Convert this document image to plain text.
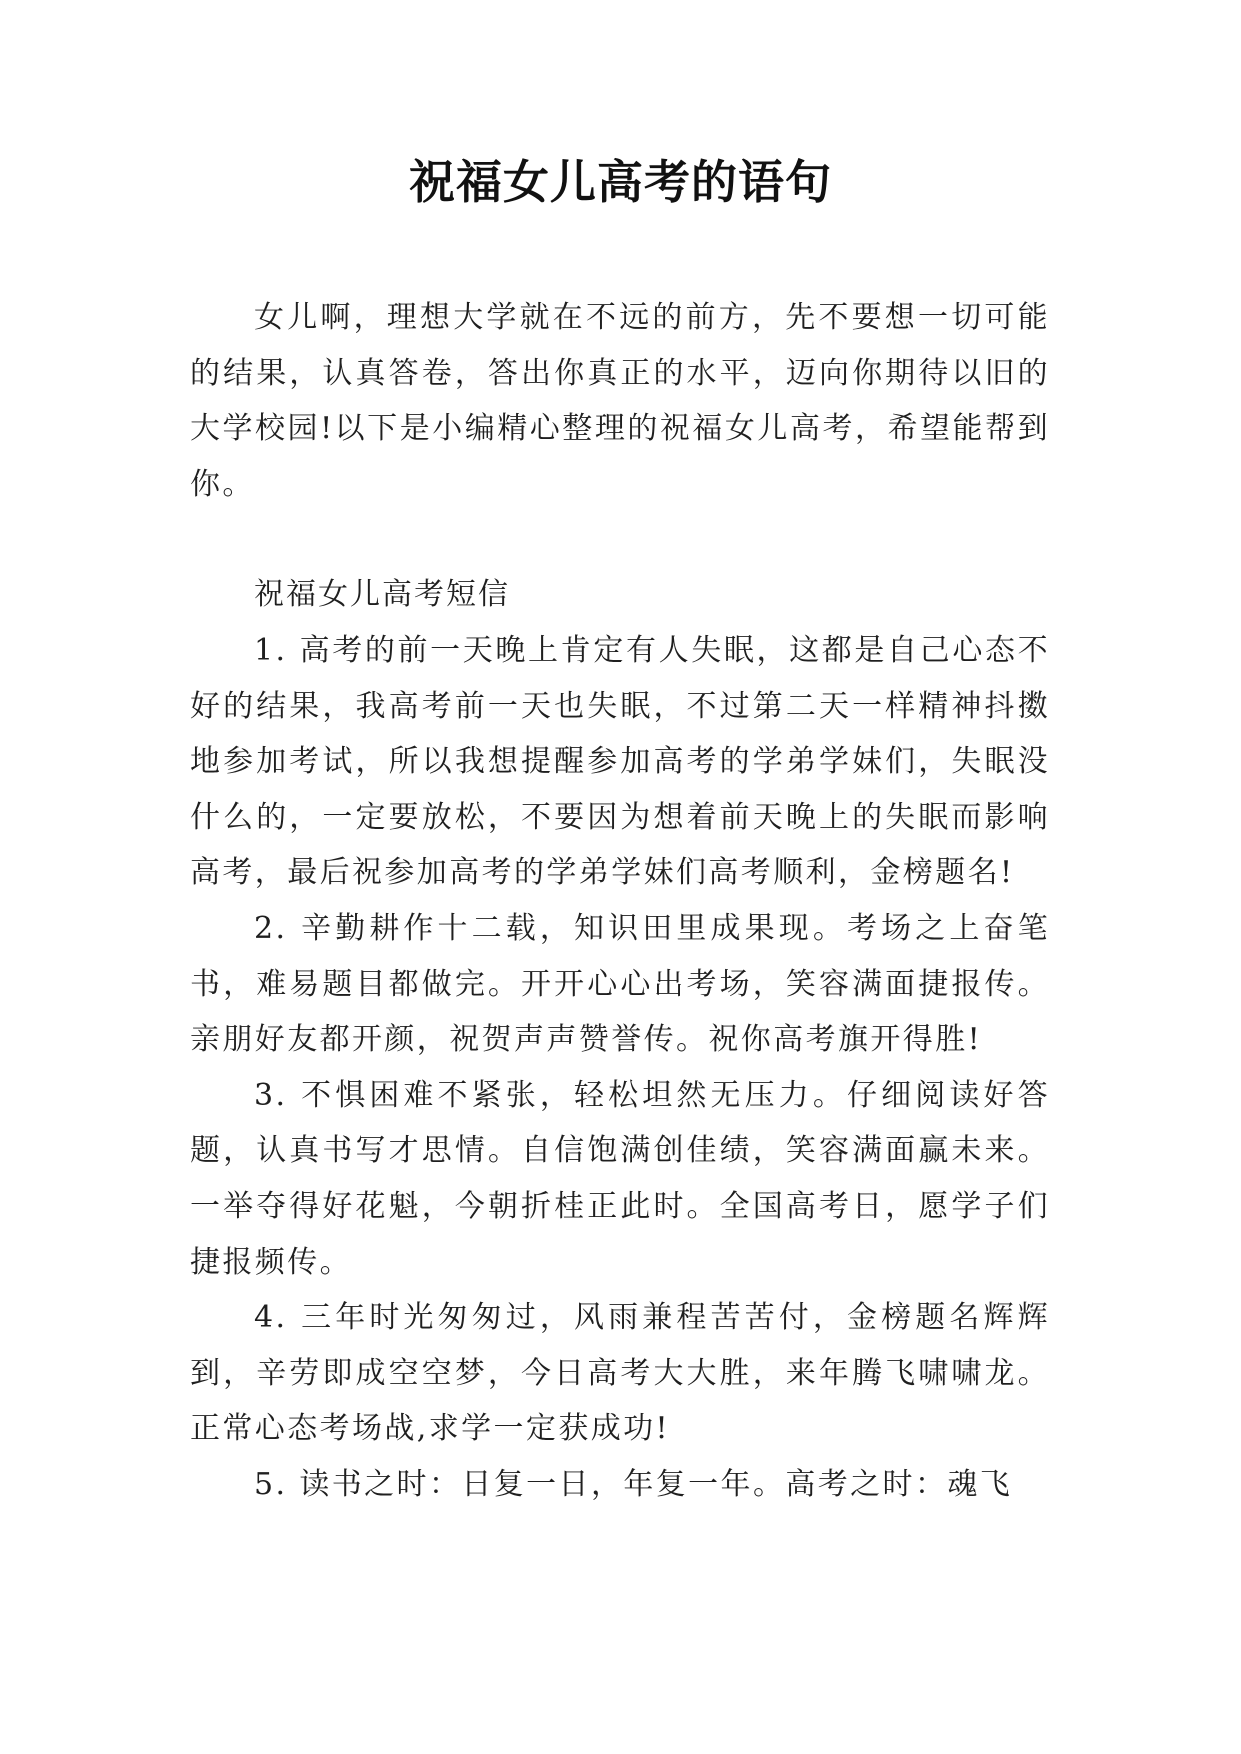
祝福女儿高考的语句

女儿啊，理想大学就在不远的前方，先不要想一切可能的结果，认真答卷，答出你真正的水平，迈向你期待以旧的大学校园!以下是小编精心整理的祝福女儿高考，希望能帮到你。

祝福女儿高考短信

1. 高考的前一天晚上肯定有人失眠，这都是自己心态不好的结果，我高考前一天也失眠，不过第二天一样精神抖擞地参加考试，所以我想提醒参加高考的学弟学妹们，失眠没什么的，一定要放松，不要因为想着前天晚上的失眠而影响高考，最后祝参加高考的学弟学妹们高考顺利，金榜题名!

2. 辛勤耕作十二载，知识田里成果现。考场之上奋笔书，难易题目都做完。开开心心出考场，笑容满面捷报传。亲朋好友都开颜，祝贺声声赞誉传。祝你高考旗开得胜!

3. 不惧困难不紧张，轻松坦然无压力。仔细阅读好答题，认真书写才思情。自信饱满创佳绩，笑容满面赢未来。一举夺得好花魁，今朝折桂正此时。全国高考日，愿学子们捷报频传。

4. 三年时光匆匆过，风雨兼程苦苦付，金榜题名辉辉到，辛劳即成空空梦，今日高考大大胜，来年腾飞啸啸龙。正常心态考场战,求学一定获成功!

5. 读书之时：日复一日，年复一年。高考之时：魂飞
